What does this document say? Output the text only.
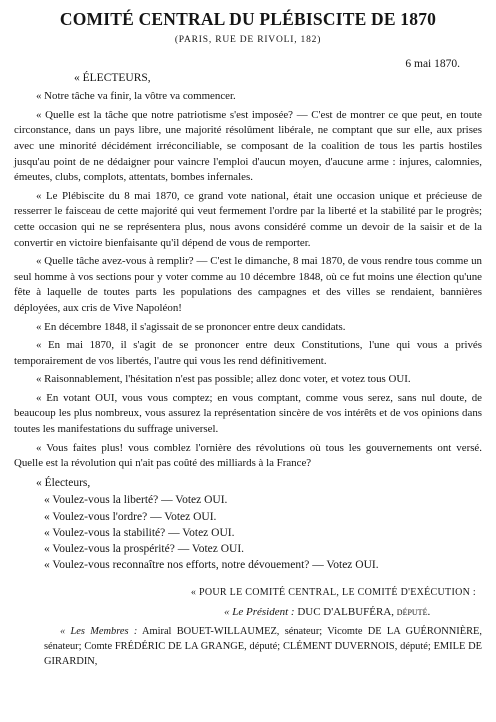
COMITÉ CENTRAL DU PLÉBISCITE DE 1870
(PARIS, RUE DE RIVOLI, 182)
6 mai 1870.
« ÉLECTEURS,

« Notre tâche va finir, la vôtre va commencer.

« Quelle est la tâche que notre patriotisme s'est imposée? — C'est de montrer ce que peut, en toute circonstance, dans un pays libre, une majorité résolûment libérale, ne comptant que sur elle, aux prises avec une minorité décidément irréconciliable, se composant de la coalition de tous les partis hostiles jusqu'au point de ne dédaigner pour vaincre l'emploi d'aucun moyen, d'aucune arme : injures, calomnies, émeutes, clubs, complots, attentats, bombes infernales.

« Le Plébiscite du 8 mai 1870, ce grand vote national, était une occasion unique et précieuse de resserrer le faisceau de cette majorité qui veut fermement l'ordre par la liberté et la stabilité par le progrès; cette occasion qui ne se représentera plus, nous avons considéré comme un devoir de la saisir et de la convertir en victoire bienfaisante qu'il dépend de vous de remporter.

« Quelle tâche avez-vous à remplir? — C'est le dimanche, 8 mai 1870, de vous rendre tous comme un seul homme à vos sections pour y voter comme au 10 décembre 1848, où ce fut moins une élection qu'une fête à laquelle de toutes parts les populations des campagnes et des villes se rendaient, bannières déployées, aux cris de Vive Napoléon!

« En décembre 1848, il s'agissait de se prononcer entre deux candidats.

« En mai 1870, il s'agit de se prononcer entre deux Constitutions, l'une qui vous a privés temporairement de vos libertés, l'autre qui vous les rend définitivement.

« Raisonnablement, l'hésitation n'est pas possible; allez donc voter, et votez tous OUI.

« En votant OUI, vous vous comptez; en vous comptant, comme vous serez, sans nul doute, de beaucoup les plus nombreux, vous assurez la représentation sincère de vos intérêts et de vos opinions dans toutes les manifestations du suffrage universel.

« Vous faites plus! vous comblez l'ornière des révolutions où tous les gouvernements ont versé. Quelle est la révolution qui n'ait pas coûté des milliards à la France?

« Électeurs,
« Voulez-vous la liberté? — Votez OUI.
« Voulez-vous l'ordre? — Votez OUI.
« Voulez-vous la stabilité? — Votez OUI.
« Voulez-vous la prospérité? — Votez OUI.
« Voulez-vous reconnaître nos efforts, notre dévouement? — Votez OUI.
« POUR LE COMITÉ CENTRAL, LE COMITÉ D'EXÉCUTION :
« Le Président : DUC D'ALBUFÉRA, député.
« Les Membres : Amiral BOUET-WILLAUMEZ, sénateur; Vicomte DE LA GUÉRONNIÈRE, sénateur; Comte FRÉDÉRIC DE LA GRANGE, député; CLÉMENT DUVERNOIS, député; EMILE DE GIRARDIN,
